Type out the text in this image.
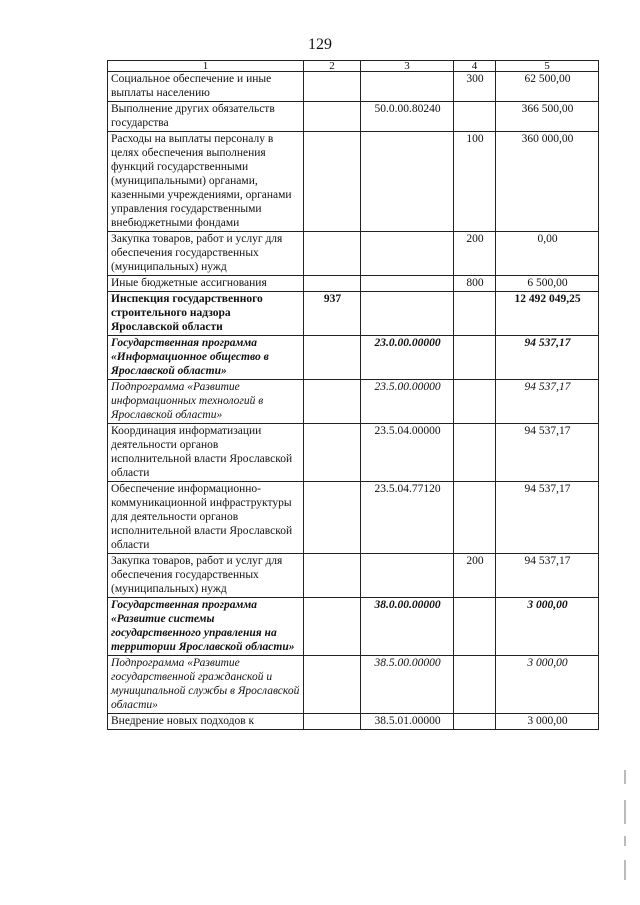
129
1	2	3	4	5
Социальное обеспечение и иные выплаты населению			300	62 500,00
Выполнение других обязательств государства		50.0.00.80240		366 500,00
Расходы на выплаты персоналу в целях обеспечения выполнения функций государственными (муниципальными) органами, казенными учреждениями, органами управления государственными внебюджетными фондами			100	360 000,00
Закупка товаров, работ и услуг для обеспечения государственных (муниципальных) нужд			200	0,00
Иные бюджетные ассигнования			800	6 500,00
Инспекция государственного строительного надзора Ярославской области	937			12 492 049,25
Государственная программа «Информационное общество в Ярославской области»		23.0.00.00000		94 537,17
Подпрограмма «Развитие информационных технологий в Ярославской области»		23.5.00.00000		94 537,17
Координация информатизации деятельности органов исполнительной власти Ярославской области		23.5.04.00000		94 537,17
Обеспечение информационно-коммуникационной инфраструктуры для деятельности органов исполнительной власти Ярославской области		23.5.04.77120		94 537,17
Закупка товаров, работ и услуг для обеспечения государственных (муниципальных) нужд			200	94 537,17
Государственная программа «Развитие системы государственного управления на территории Ярославской области»		38.0.00.00000		3 000,00
Подпрограмма «Развитие государственной гражданской и муниципальной службы в Ярославской области»		38.5.00.00000		3 000,00
Внедрение новых подходов к		38.5.01.00000		3 000,00
